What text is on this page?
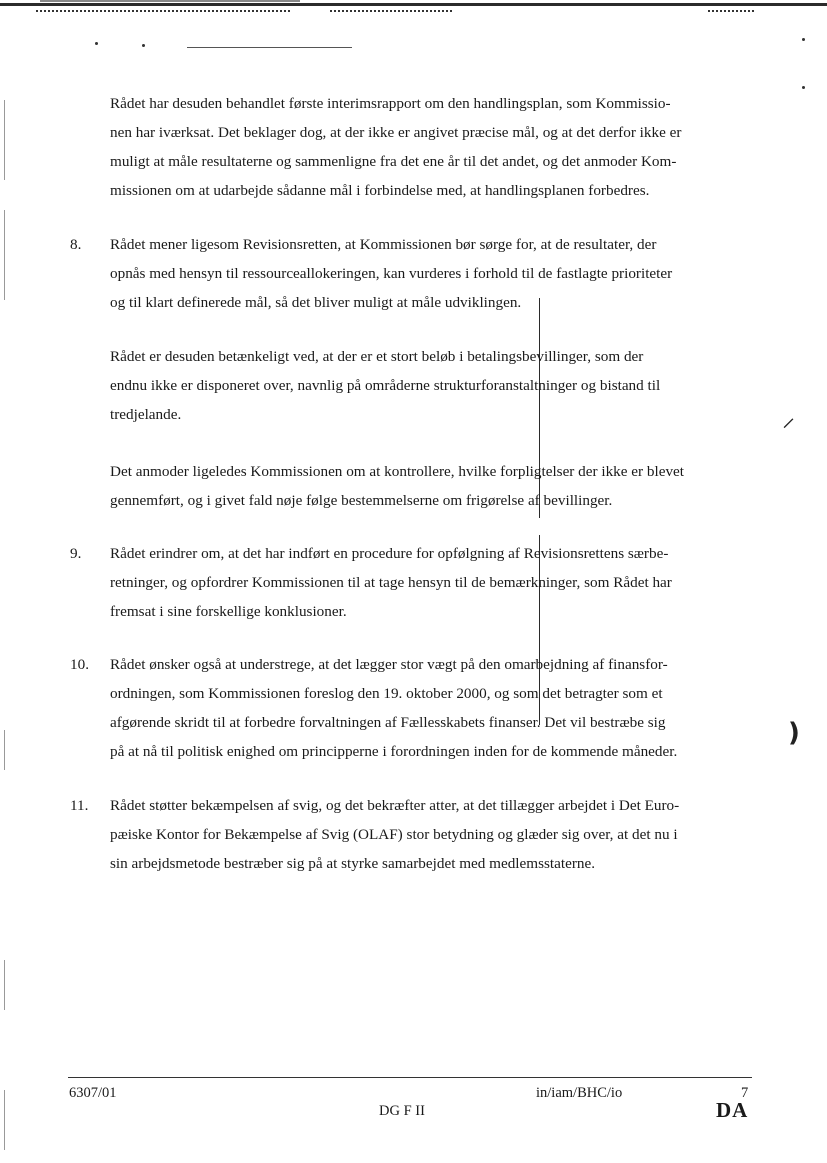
Rådet har desuden behandlet første interimsrapport om den handlingsplan, som Kommissio-
nen har iværksat. Det beklager dog, at der ikke er angivet præcise mål, og at det derfor ikke er
muligt at måle resultaterne og sammenligne fra det ene år til det andet, og det anmoder Kom-
missionen om at udarbejde sådanne mål i forbindelse med, at handlingsplanen forbedres.
8. Rådet mener ligesom Revisionsretten, at Kommissionen bør sørge for, at de resultater, der
opnås med hensyn til ressourceallokeringen, kan vurderes i forhold til de fastlagte prioriteter
og til klart definerede mål, så det bliver muligt at måle udviklingen.
Rådet er desuden betænkeligt ved, at der er et stort beløb i betalingsbevillinger, som der
endnu ikke er disponeret over, navnlig på områderne strukturforanstaltninger og bistand til
tredjelande.
Det anmoder ligeledes Kommissionen om at kontrollere, hvilke forpligtelser der ikke er blevet
gennemført, og i givet fald nøje følge bestemmelserne om frigørelse af bevillinger.
9. Rådet erindrer om, at det har indført en procedure for opfølgning af Revisionsrettens særbe-
retninger, og opfordrer Kommissionen til at tage hensyn til de bemærkninger, som Rådet har
fremsat i sine forskellige konklusioner.
10. Rådet ønsker også at understrege, at det lægger stor vægt på den omarbejdning af finansfor-
ordningen, som Kommissionen foreslog den 19. oktober 2000, og som det betragter som et
afgørende skridt til at forbedre forvaltningen af Fællesskabets finanser. Det vil bestræbe sig
på at nå til politisk enighed om principperne i forordningen inden for de kommende måneder.
11. Rådet støtter bekæmpelsen af svig, og det bekræfter atter, at det tillægger arbejdet i Det Euro-
pæiske Kontor for Bekæmpelse af Svig (OLAF) stor betydning og glæder sig over, at det nu i
sin arbejdsmetode bestræber sig på at styrke samarbejdet med medlemsstaterne.
⸝
)
6307/01	in/iam/BHC/io	7
DG F II	DA
